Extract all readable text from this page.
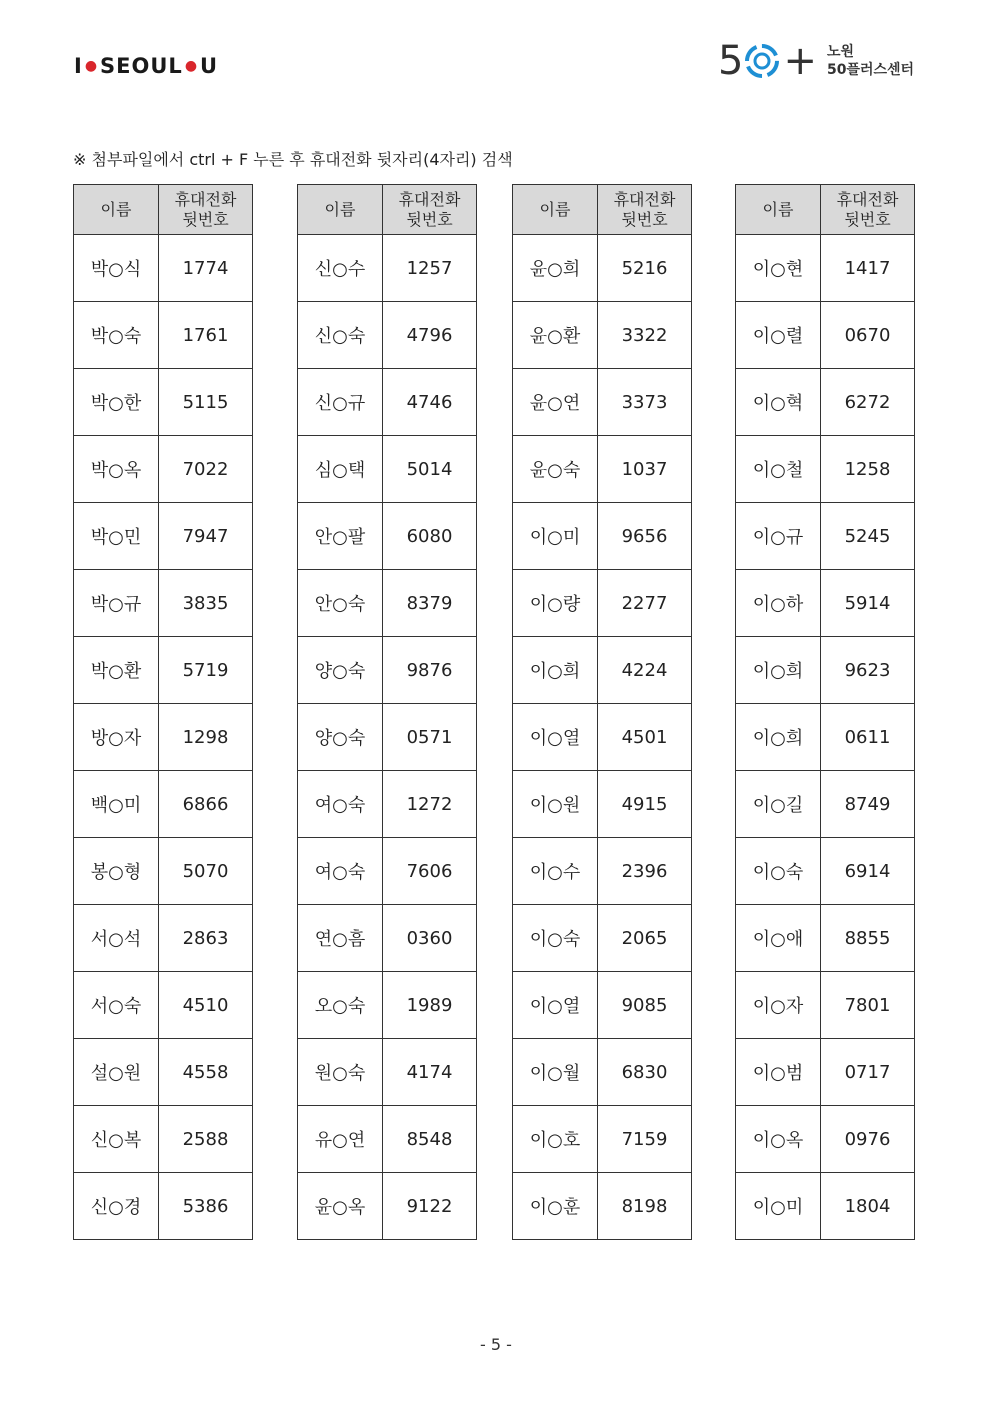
I ● SEOUL ● U	5 + 노원
50플러스센터
※ 첨부파일에서 ctrl + F 누른 후 휴대전화 뒷자리(4자리) 검색
이름	휴대전화
뒷번호

박○식	1774
박○숙	1761
박○한	5115
박○옥	7022
박○민	7947
박○규	3835
박○환	5719
방○자	1298
백○미	6866
봉○형	5070
서○석	2863
서○숙	4510
설○원	4558
신○복	2588
신○경	5386
이름	휴대전화
뒷번호

신○수	1257
신○숙	4796
신○규	4746
심○택	5014
안○팔	6080
안○숙	8379
양○숙	9876
양○숙	0571
여○숙	1272
여○숙	7606
연○흠	0360
오○숙	1989
원○숙	4174
유○연	8548
윤○옥	9122
이름	휴대전화
뒷번호

윤○희	5216
윤○환	3322
윤○연	3373
윤○숙	1037
이○미	9656
이○량	2277
이○희	4224
이○열	4501
이○원	4915
이○수	2396
이○숙	2065
이○열	9085
이○월	6830
이○호	7159
이○훈	8198
이름	휴대전화
뒷번호

이○현	1417
이○렬	0670
이○혁	6272
이○철	1258
이○규	5245
이○하	5914
이○희	9623
이○희	0611
이○길	8749
이○숙	6914
이○애	8855
이○자	7801
이○범	0717
이○옥	0976
이○미	1804
- 5 -
